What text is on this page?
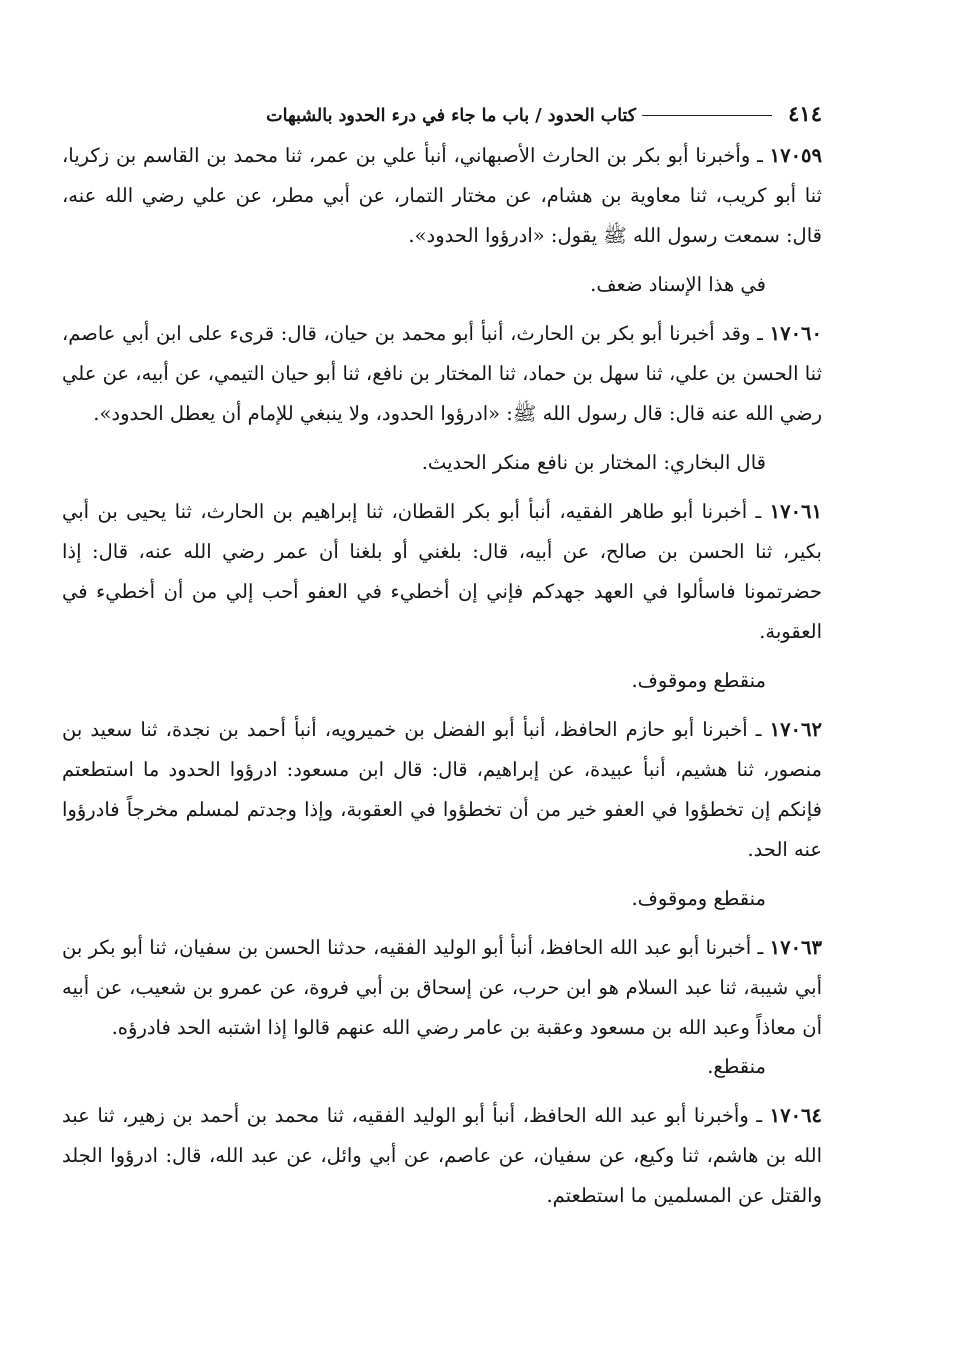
٤١٤
كتاب الحدود / باب ما جاء في درء الحدود بالشبهات

١٧٠٥٩ ـ وأخبرنا أبو بكر بن الحارث الأصبهاني، أنبأ علي بن عمر، ثنا محمد بن القاسم بن زكريا، ثنا أبو كريب، ثنا معاوية بن هشام، عن مختار التمار، عن أبي مطر، عن علي رضي الله عنه، قال: سمعت رسول الله ﷺ يقول: «ادرؤوا الحدود».

في هذا الإسناد ضعف.

١٧٠٦٠ ـ وقد أخبرنا أبو بكر بن الحارث، أنبأ أبو محمد بن حيان، قال: قرىء على ابن أبي عاصم، ثنا الحسن بن علي، ثنا سهل بن حماد، ثنا المختار بن نافع، ثنا أبو حيان التيمي، عن أبيه، عن علي رضي الله عنه قال: قال رسول الله ﷺ: «ادرؤوا الحدود، ولا ينبغي للإمام أن يعطل الحدود».

قال البخاري: المختار بن نافع منكر الحديث.

١٧٠٦١ ـ أخبرنا أبو طاهر الفقيه، أنبأ أبو بكر القطان، ثنا إبراهيم بن الحارث، ثنا يحيى بن أبي بكير، ثنا الحسن بن صالح، عن أبيه، قال: بلغني أو بلغنا أن عمر رضي الله عنه، قال: إذا حضرتمونا فاسألوا في العهد جهدكم فإني إن أخطيء في العفو أحب إلي من أن أخطيء في العقوبة.

منقطع وموقوف.

١٧٠٦٢ ـ أخبرنا أبو حازم الحافظ، أنبأ أبو الفضل بن خميرويه، أنبأ أحمد بن نجدة، ثنا سعيد بن منصور، ثنا هشيم، أنبأ عبيدة، عن إبراهيم، قال: قال ابن مسعود: ادرؤوا الحدود ما استطعتم فإنكم إن تخطؤوا في العفو خير من أن تخطؤوا في العقوبة، وإذا وجدتم لمسلم مخرجاً فادرؤوا عنه الحد.

منقطع وموقوف.

١٧٠٦٣ ـ أخبرنا أبو عبد الله الحافظ، أنبأ أبو الوليد الفقيه، حدثنا الحسن بن سفيان، ثنا أبو بكر بن أبي شيبة، ثنا عبد السلام هو ابن حرب، عن إسحاق بن أبي فروة، عن عمرو بن شعيب، عن أبيه أن معاذاً وعبد الله بن مسعود وعقبة بن عامر رضي الله عنهم قالوا إذا اشتبه الحد فادرؤه.

منقطع.

١٧٠٦٤ ـ وأخبرنا أبو عبد الله الحافظ، أنبأ أبو الوليد الفقيه، ثنا محمد بن أحمد بن زهير، ثنا عبد الله بن هاشم، ثنا وكيع، عن سفيان، عن عاصم، عن أبي وائل، عن عبد الله، قال: ادرؤوا الجلد والقتل عن المسلمين ما استطعتم.
